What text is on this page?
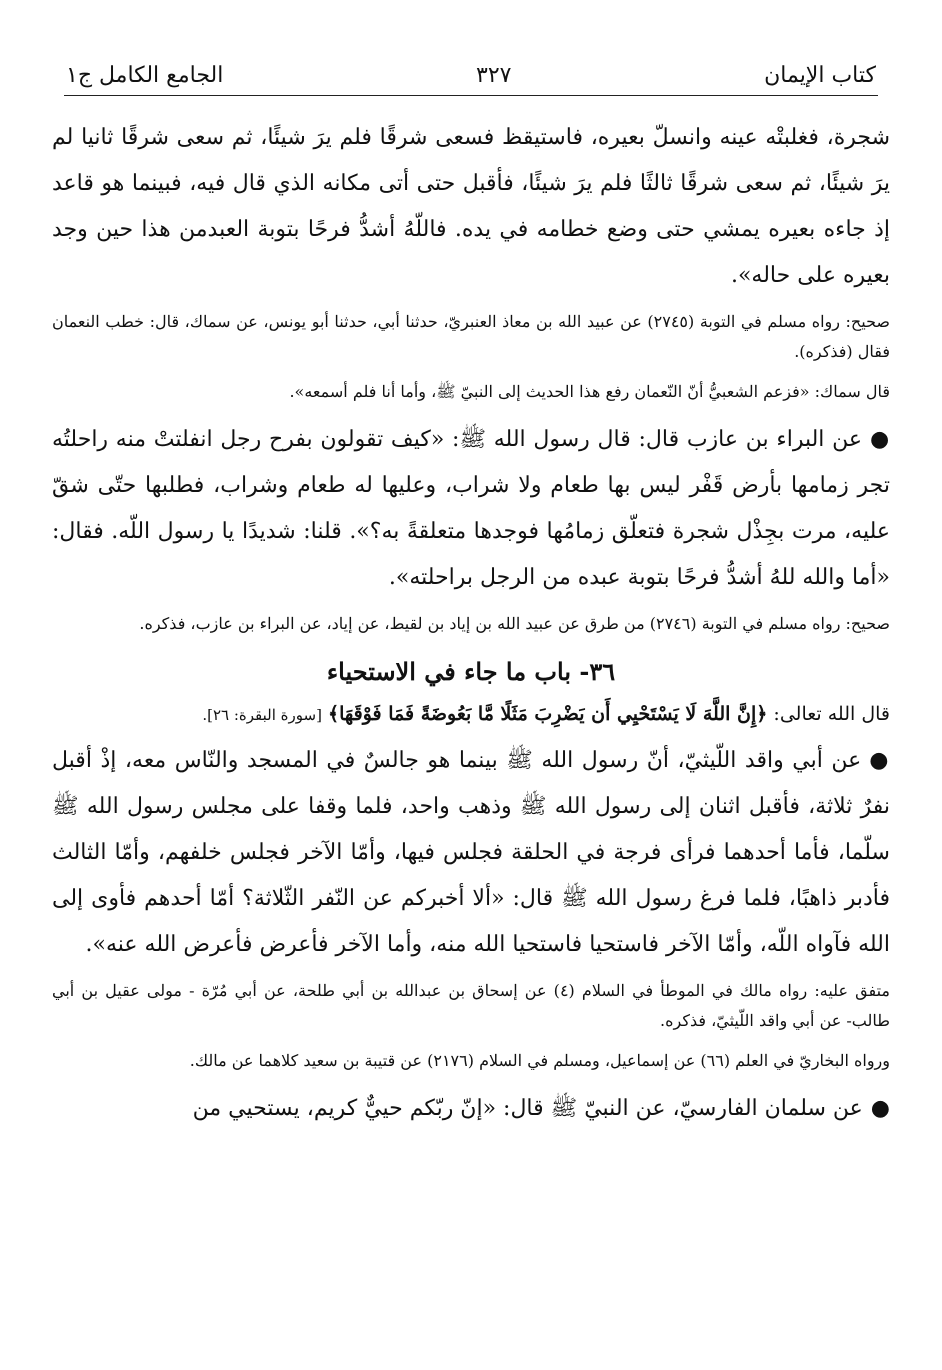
كتاب الإيمان
٣٢٧
الجامع الكامل ج١

شجرة، فغلبتْه عينه وانسلّ بعيره، فاستيقظ فسعى شرقًا فلم يرَ شيئًا، ثم سعى شرقًا ثانيا لم يرَ شيئًا، ثم سعى شرقًا ثالثًا فلم يرَ شيئًا، فأقبل حتى أتى مكانه الذي قال فيه، فبينما هو قاعد إذ جاءه بعيره يمشي حتى وضع خطامه في يده. فاللّهُ أشدُّ فرحًا بتوبة العبدمن هذا حين وجد بعيره على حاله».

صحيح: رواه مسلم في التوبة (٢٧٤٥) عن عبيد الله بن معاذ العنبريّ، حدثنا أبي، حدثنا أبو يونس، عن سماك، قال: خطب النعمان فقال (فذكره).

قال سماك: «فزعم الشعبيُّ أنّ النّعمان رفع هذا الحديث إلى النبيّ ﷺ، وأما أنا فلم أسمعه».

●عن البراء بن عازب قال: قال رسول الله ﷺ: «كيف تقولون بفرح رجل انفلتتْ منه راحلتُه تجر زمامها بأرض قَفْر ليس بها طعام ولا شراب، وعليها له طعام وشراب، فطلبها حتّى شقّ عليه، مرت بجِذْل شجرة فتعلّق زمامُها فوجدها متعلقةً به؟». قلنا: شديدًا يا رسول اللّه. فقال: «أما والله للهُ أشدُّ فرحًا بتوبة عبده من الرجل براحلته».

صحيح: رواه مسلم في التوبة (٢٧٤٦) من طرق عن عبيد الله بن إياد بن لقيط، عن إياد، عن البراء بن عازب، فذكره.

٣٦- باب ما جاء في الاستحياء

قال الله تعالى: ﴿إِنَّ اللَّهَ لَا يَسْتَحْيِي أَن يَضْرِبَ مَثَلًا مَّا بَعُوضَةً فَمَا فَوْقَهَا﴾ [سورة البقرة: ٢٦].

●عن أبي واقد اللّيثيّ، أنّ رسول الله ﷺ بينما هو جالسٌ في المسجد والنّاس معه، إذْ أقبل نفرٌ ثلاثة، فأقبل اثنان إلى رسول الله ﷺ وذهب واحد، فلما وقفا على مجلس رسول الله ﷺ سلّما، فأما أحدهما فرأى فرجة في الحلقة فجلس فيها، وأمّا الآخر فجلس خلفهم، وأمّا الثالث فأدبر ذاهبًا، فلما فرغ رسول الله ﷺ قال: «ألا أخبركم عن النّفر الثّلاثة؟ أمّا أحدهم فأوى إلى الله فآواه اللّه، وأمّا الآخر فاستحيا فاستحيا الله منه، وأما الآخر فأعرض فأعرض الله عنه».

متفق عليه: رواه مالك في الموطأ في السلام (٤) عن إسحاق بن عبدالله بن أبي طلحة، عن أبي مُرّة - مولى عقيل بن أبي طالب- عن أبي واقد اللّيثيّ، فذكره.

ورواه البخاريّ في العلم (٦٦) عن إسماعيل، ومسلم في السلام (٢١٧٦) عن قتيبة بن سعيد كلاهما عن مالك.

●عن سلمان الفارسيّ، عن النبيّ ﷺ قال: «إنّ ربّكم حييٌّ كريم، يستحيي من
